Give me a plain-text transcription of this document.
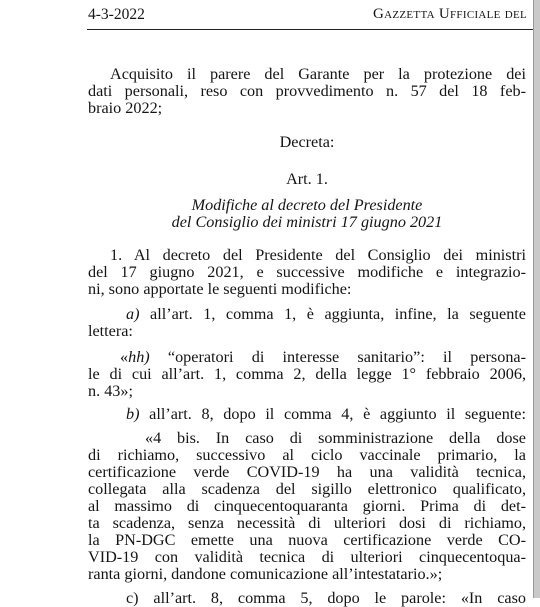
4-3-2022	Gazzetta Ufficiale del
Acquisito il parere del Garante per la protezione dei
dati personali, reso con provvedimento n. 57 del 18 feb-
braio 2022;
Decreta:
Art. 1.
Modifiche al decreto del Presidente
del Consiglio dei ministri 17 giugno 2021
1. Al decreto del Presidente del Consiglio dei ministri
del 17 giugno 2021, e successive modifiche e integrazio-
ni, sono apportate le seguenti modifiche:
a) all’art. 1, comma 1, è aggiunta, infine, la seguente
lettera:
«hh) “operatori di interesse sanitario”: il persona-
le di cui all’art. 1, comma 2, della legge 1° febbraio 2006,
n. 43»;
b) all’art. 8, dopo il comma 4, è aggiunto il seguente:
«4 bis. In caso di somministrazione della dose
di richiamo, successivo al ciclo vaccinale primario, la
certificazione verde COVID-19 ha una validità tecnica,
collegata alla scadenza del sigillo elettronico qualificato,
al massimo di cinquecentoquaranta giorni. Prima di det-
ta scadenza, senza necessità di ulteriori dosi di richiamo,
la PN-DGC emette una nuova certificazione verde CO-
VID-19 con validità tecnica di ulteriori cinquecentoqua-
ranta giorni, dandone comunicazione all’intestatario.»;
c) all’art. 8, comma 5, dopo le parole: «In caso
